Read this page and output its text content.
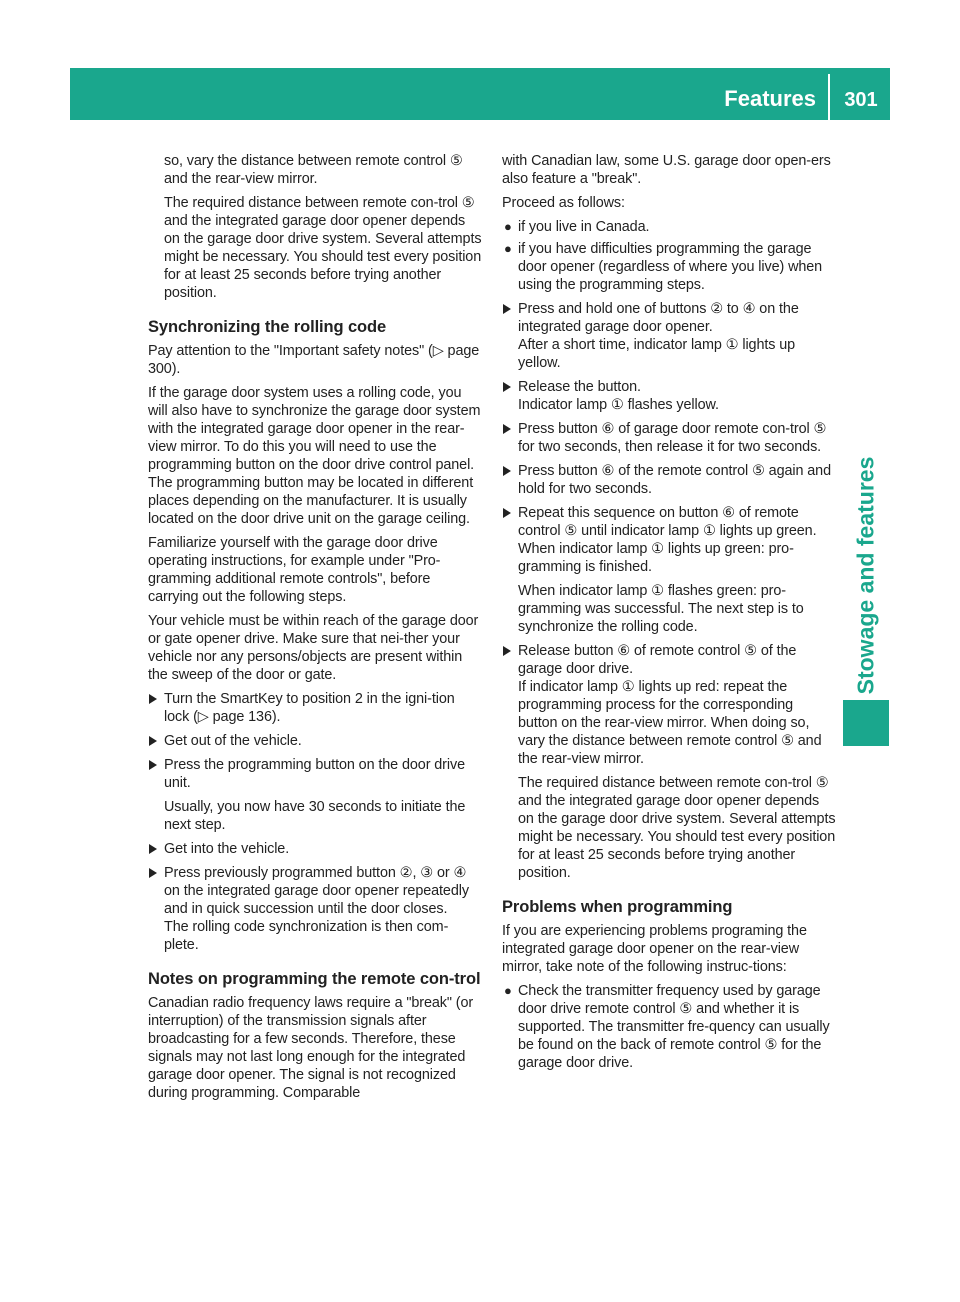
Features	301
Stowage and features

so, vary the distance between remote control ⑤ and the rear-view mirror.

The required distance between remote con-trol ⑤ and the integrated garage door opener depends on the garage door drive system. Several attempts might be necessary. You should test every position for at least 25 seconds before trying another position.

Synchronizing the rolling code

Pay attention to the "Important safety notes" (▷ page 300).

If the garage door system uses a rolling code, you will also have to synchronize the garage door system with the integrated garage door opener in the rear-view mirror. To do this you will need to use the programming button on the door drive control panel. The programming button may be located in different places depending on the manufacturer. It is usually located on the door drive unit on the garage ceiling.

Familiarize yourself with the garage door drive operating instructions, for example under "Pro-gramming additional remote controls", before carrying out the following steps.

Your vehicle must be within reach of the garage door or gate opener drive. Make sure that nei-ther your vehicle nor any persons/objects are present within the sweep of the door or gate.

Turn the SmartKey to position 2 in the igni-tion lock (▷ page 136).
Get out of the vehicle.
Press the programming button on the door drive unit.
Usually, you now have 30 seconds to initiate the next step.
Get into the vehicle.
Press previously programmed button ②, ③ or ④ on the integrated garage door opener repeatedly and in quick succession until the door closes.
The rolling code synchronization is then com-plete.
Notes on programming the remote con-trol

Canadian radio frequency laws require a "break" (or interruption) of the transmission signals after broadcasting for a few seconds. Therefore, these signals may not last long enough for the integrated garage door opener. The signal is not recognized during programming. Comparable

with Canadian law, some U.S. garage door open-ers also feature a "break".

Proceed as follows:

● if you live in Canada.
● if you have difficulties programming the garage door opener (regardless of where you live) when using the programming steps.
Press and hold one of buttons ② to ④ on the integrated garage door opener.
After a short time, indicator lamp ① lights up yellow.
Release the button.
Indicator lamp ① flashes yellow.
Press button ⑥ of garage door remote con-trol ⑤ for two seconds, then release it for two seconds.
Press button ⑥ of the remote control ⑤ again and hold for two seconds.
Repeat this sequence on button ⑥ of remote control ⑤ until indicator lamp ① lights up green.
When indicator lamp ① lights up green: pro-gramming is finished.
When indicator lamp ① flashes green: pro-gramming was successful. The next step is to synchronize the rolling code.
Release button ⑥ of remote control ⑤ of the garage door drive.
If indicator lamp ① lights up red: repeat the programming process for the corresponding button on the rear-view mirror. When doing so, vary the distance between remote control ⑤ and the rear-view mirror.
The required distance between remote con-trol ⑤ and the integrated garage door opener depends on the garage door drive system. Several attempts might be necessary. You should test every position for at least 25 seconds before trying another position.
Problems when programming

If you are experiencing problems programing the integrated garage door opener on the rear-view mirror, take note of the following instruc-tions:

● Check the transmitter frequency used by garage door drive remote control ⑤ and whether it is supported. The transmitter fre-quency can usually be found on the back of remote control ⑤ for the garage door drive.
